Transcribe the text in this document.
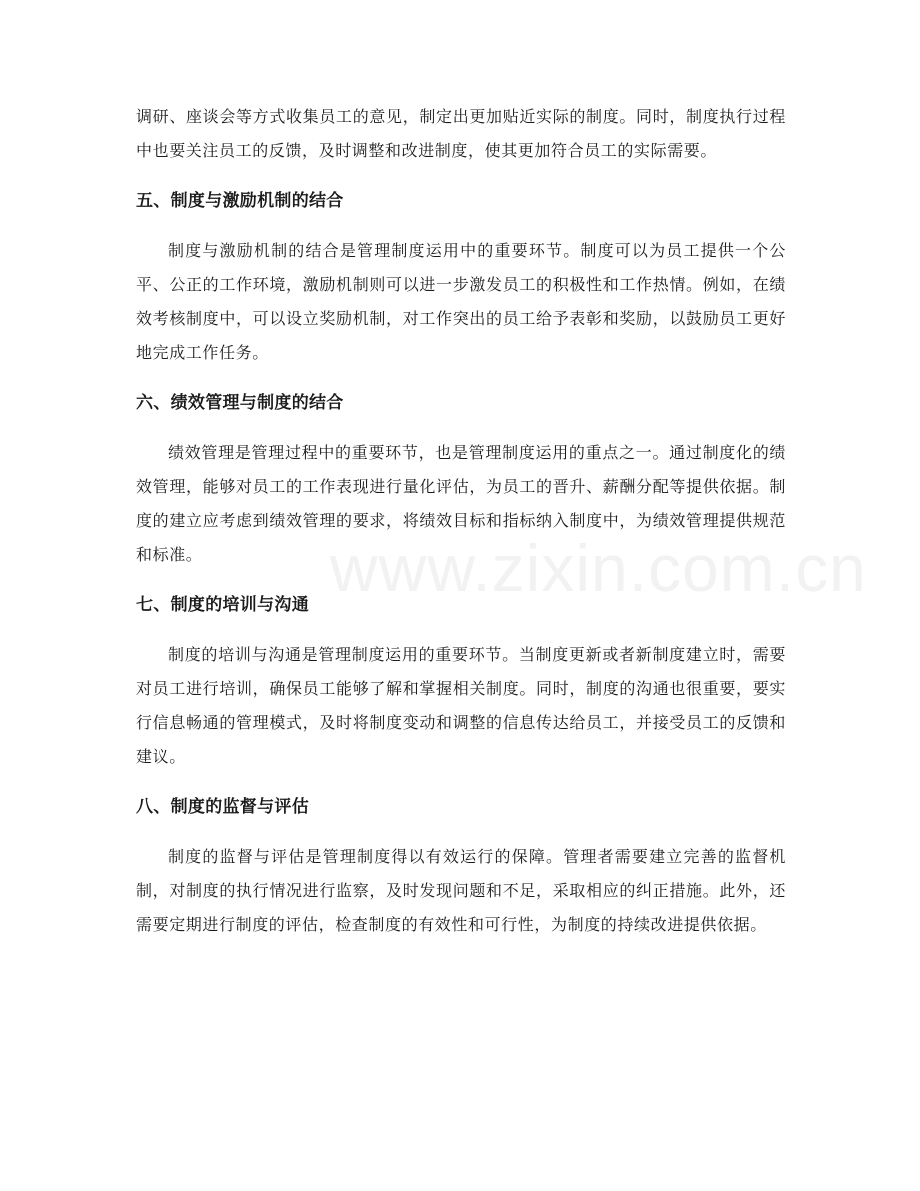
www.zixin.com.cn

调研、座谈会等方式收集员工的意见，制定出更加贴近实际的制度。同时，制度执行过程中也要关注员工的反馈，及时调整和改进制度，使其更加符合员工的实际需要。

五、制度与激励机制的结合

制度与激励机制的结合是管理制度运用中的重要环节。制度可以为员工提供一个公平、公正的工作环境，激励机制则可以进一步激发员工的积极性和工作热情。例如，在绩效考核制度中，可以设立奖励机制，对工作突出的员工给予表彰和奖励，以鼓励员工更好地完成工作任务。

六、绩效管理与制度的结合

绩效管理是管理过程中的重要环节，也是管理制度运用的重点之一。通过制度化的绩效管理，能够对员工的工作表现进行量化评估，为员工的晋升、薪酬分配等提供依据。制度的建立应考虑到绩效管理的要求，将绩效目标和指标纳入制度中，为绩效管理提供规范和标准。

七、制度的培训与沟通

制度的培训与沟通是管理制度运用的重要环节。当制度更新或者新制度建立时，需要对员工进行培训，确保员工能够了解和掌握相关制度。同时，制度的沟通也很重要，要实行信息畅通的管理模式，及时将制度变动和调整的信息传达给员工，并接受员工的反馈和建议。

八、制度的监督与评估

制度的监督与评估是管理制度得以有效运行的保障。管理者需要建立完善的监督机制，对制度的执行情况进行监察，及时发现问题和不足，采取相应的纠正措施。此外，还需要定期进行制度的评估，检查制度的有效性和可行性，为制度的持续改进提供依据。
